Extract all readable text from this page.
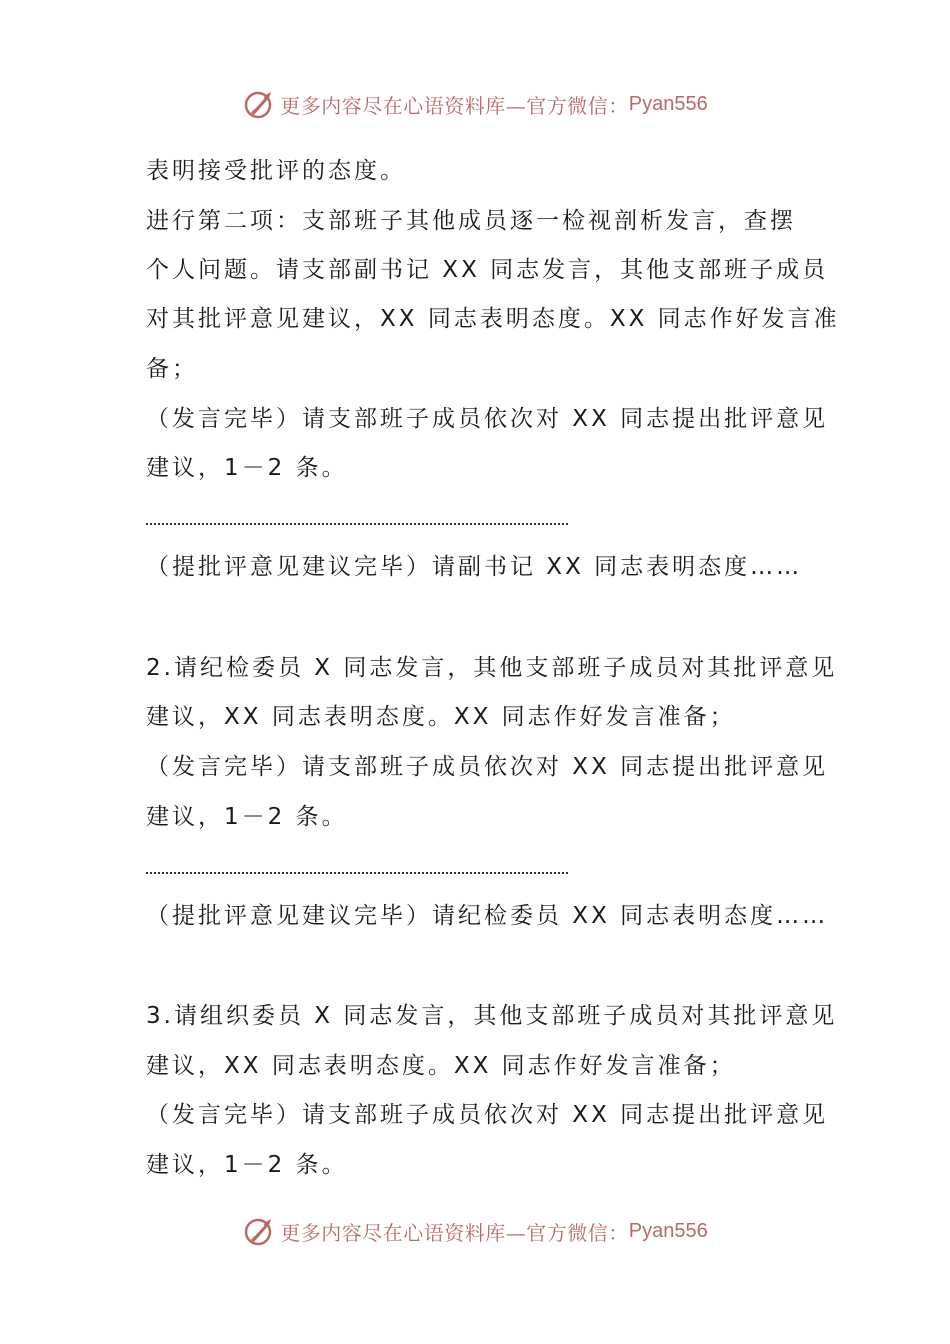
更多内容尽在心语资料库—官方微信： Pyan556
表明接受批评的态度。
进行第二项：支部班子其他成员逐一检视剖析发言，查摆
个人问题。请支部副书记 XX 同志发言，其他支部班子成员
对其批评意见建议，XX 同志表明态度。XX 同志作好发言准
备；
（发言完毕）请支部班子成员依次对 XX 同志提出批评意见
建议，1－2 条。
（提批评意见建议完毕）请副书记 XX 同志表明态度……
2.请纪检委员 X 同志发言，其他支部班子成员对其批评意见
建议，XX 同志表明态度。XX 同志作好发言准备；
（发言完毕）请支部班子成员依次对 XX 同志提出批评意见
建议，1－2 条。
（提批评意见建议完毕）请纪检委员 XX 同志表明态度……
3.请组织委员 X 同志发言，其他支部班子成员对其批评意见
建议，XX 同志表明态度。XX 同志作好发言准备；
（发言完毕）请支部班子成员依次对 XX 同志提出批评意见
建议，1－2 条。
更多内容尽在心语资料库—官方微信： Pyan556
